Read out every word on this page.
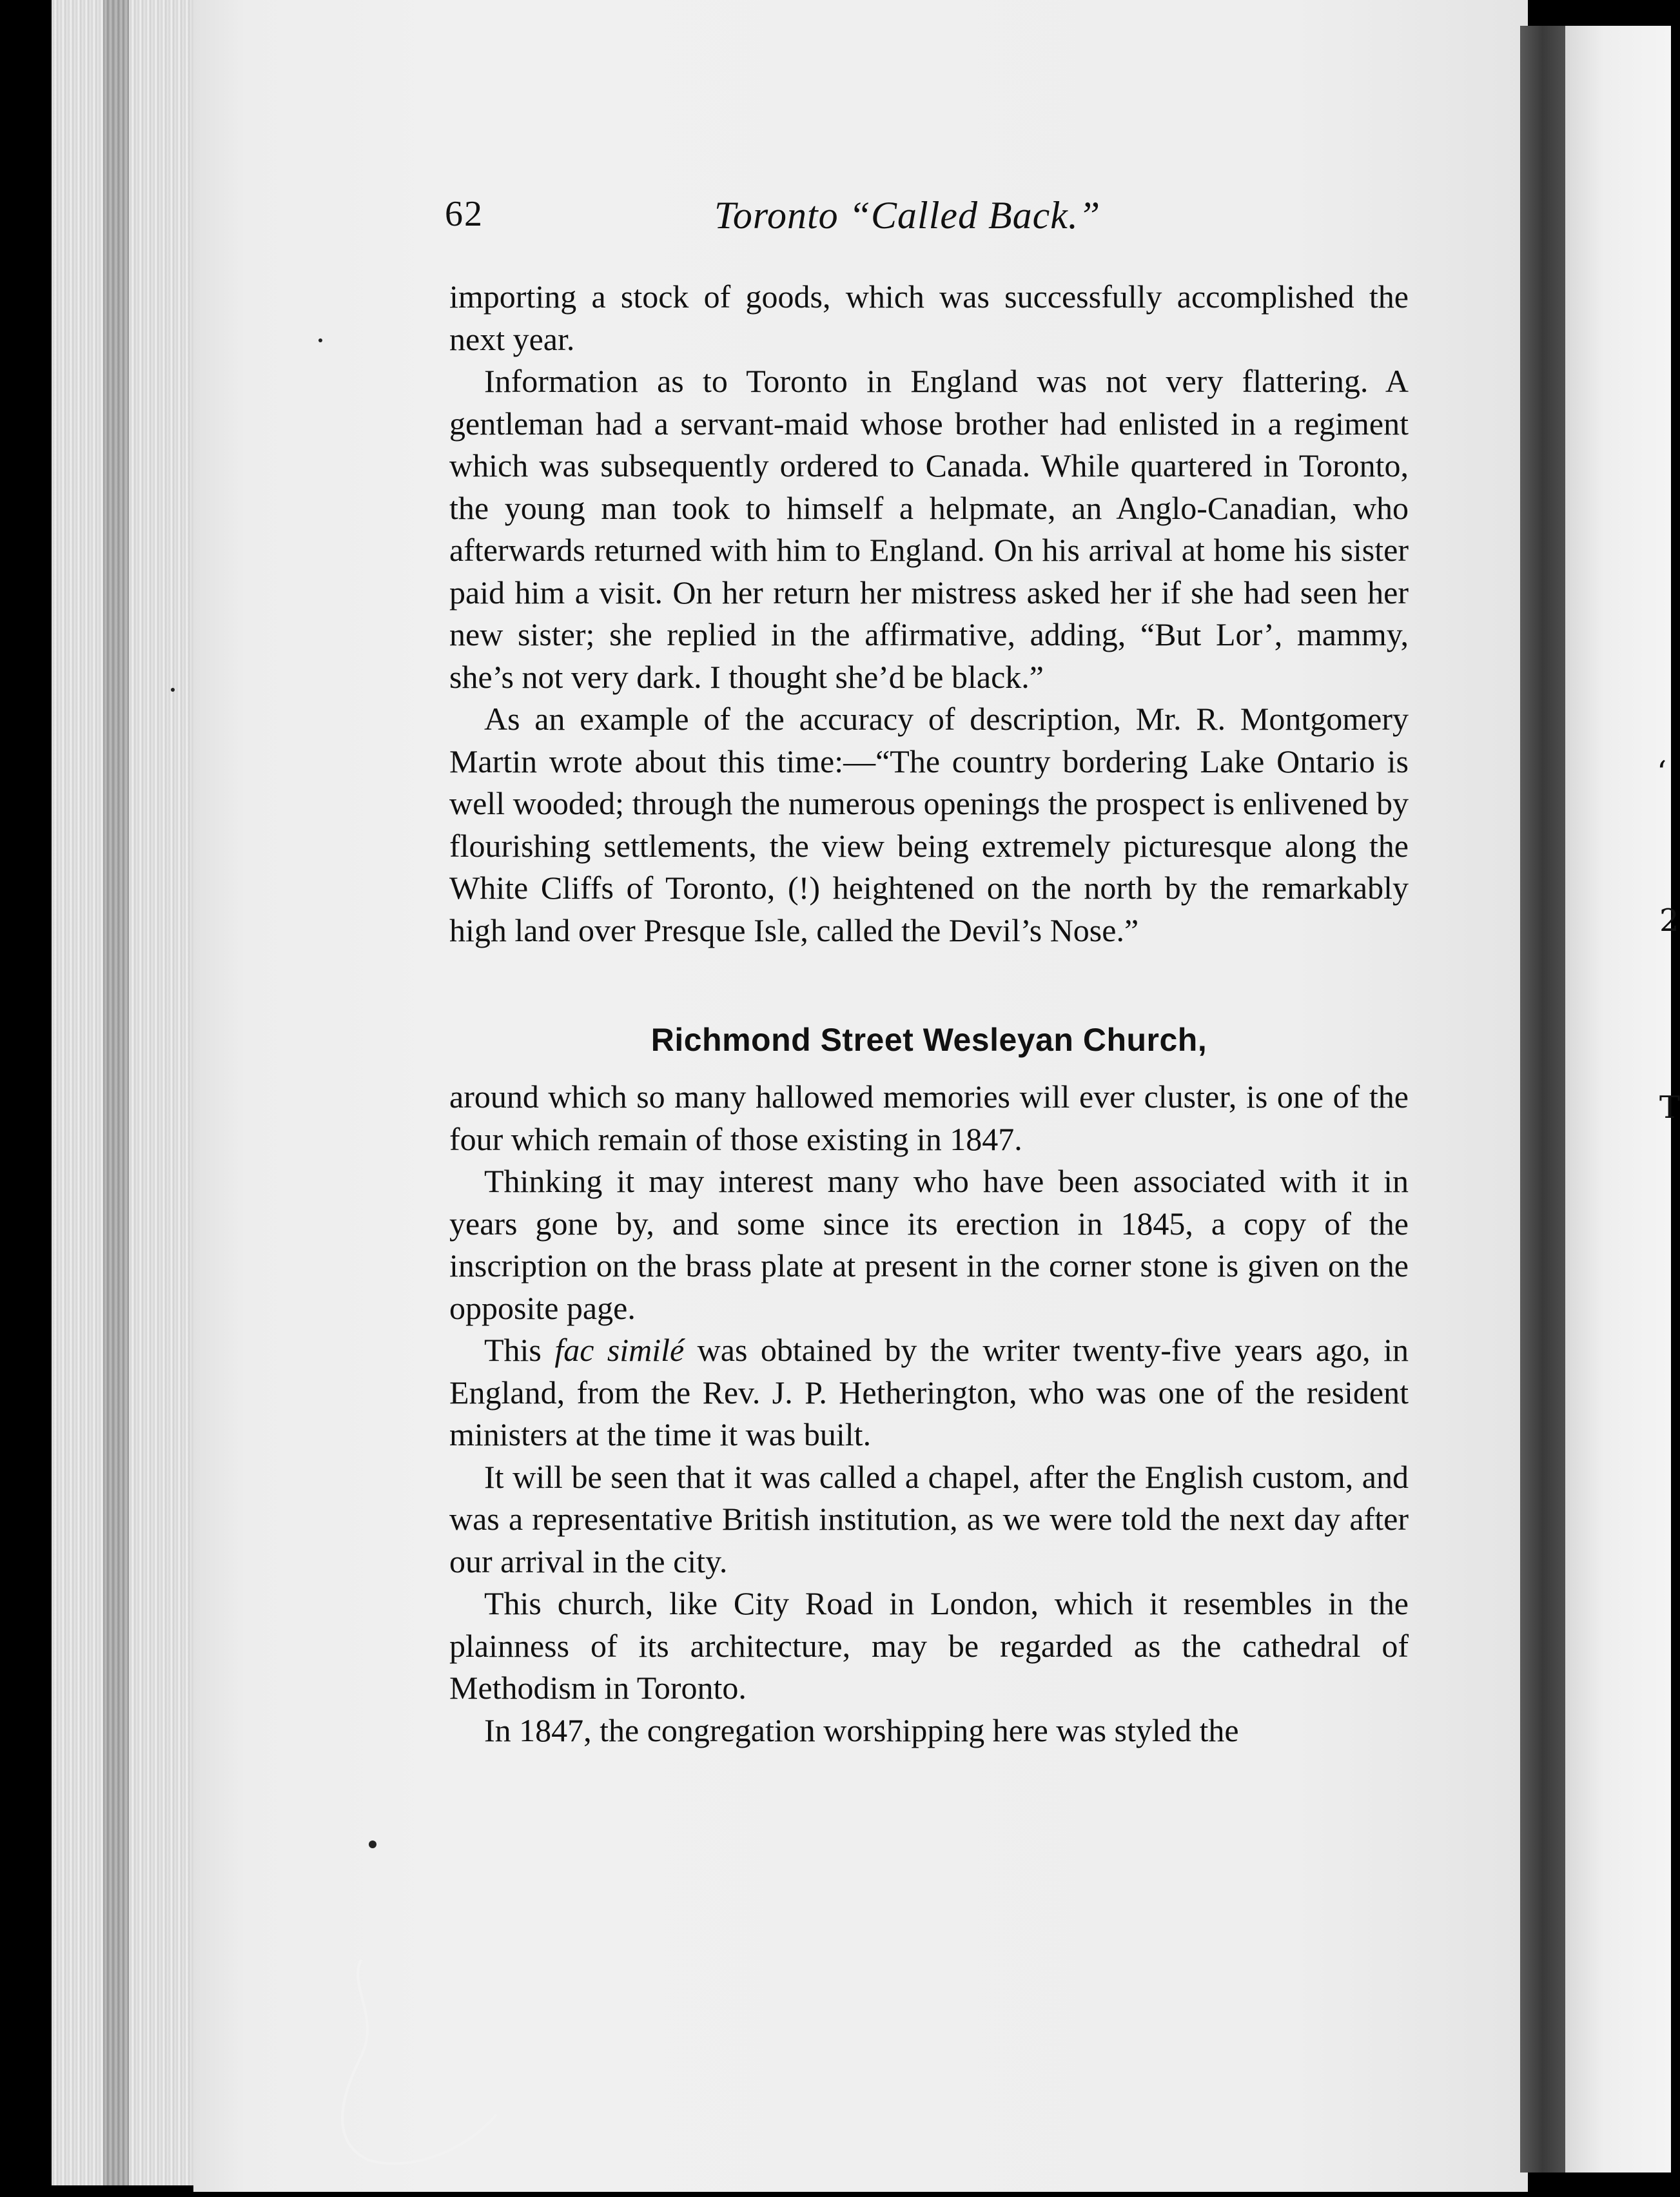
‘
2
T
62	Toronto “Called Back.”

importing a stock of goods, which was successfully accomplished the next year.

Information as to Toronto in England was not very flattering. A gentleman had a servant-maid whose brother had enlisted in a regiment which was subsequently ordered to Canada. While quartered in Toronto, the young man took to himself a helpmate, an Anglo-Canadian, who afterwards returned with him to England. On his arrival at home his sister paid him a visit. On her return her mistress asked her if she had seen her new sister; she replied in the affirmative, adding, “But Lor’, mammy, she’s not very dark. I thought she’d be black.”

As an example of the accuracy of description, Mr. R. Montgomery Martin wrote about this time:—“The country bordering Lake Ontario is well wooded; through the numerous openings the prospect is enlivened by flourishing settlements, the view being extremely picturesque along the White Cliffs of Toronto, (!) heightened on the north by the remarkably high land over Presque Isle, called the Devil’s Nose.”

Richmond Street Wesleyan Church,

around which so many hallowed memories will ever cluster, is one of the four which remain of those existing in 1847.

Thinking it may interest many who have been associated with it in years gone by, and some since its erection in 1845, a copy of the inscription on the brass plate at present in the corner stone is given on the opposite page.

This fac similé was obtained by the writer twenty-five years ago, in England, from the Rev. J. P. Hetherington, who was one of the resident ministers at the time it was built.

It will be seen that it was called a chapel, after the English custom, and was a representative British institution, as we were told the next day after our arrival in the city.

This church, like City Road in London, which it resembles in the plainness of its architecture, may be regarded as the cathedral of Methodism in Toronto.

In 1847, the congregation worshipping here was styled the
